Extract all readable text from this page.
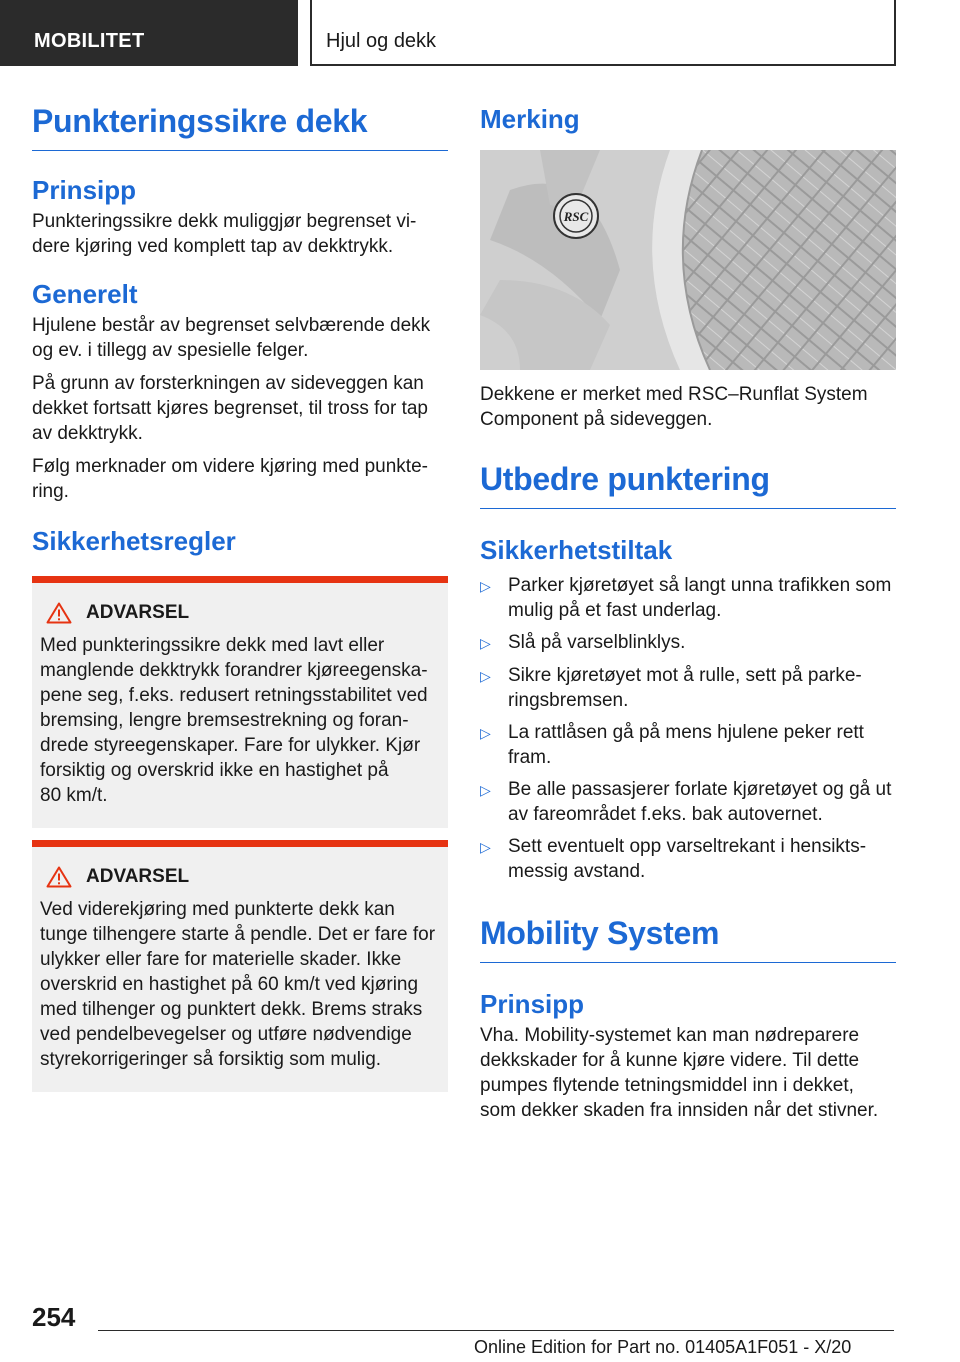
MOBILITET	Hjul og dekk
Punkteringssikre dekk
Prinsipp
Punkteringssikre dekk muliggjør begrenset vi-
dere kjøring ved komplett tap av dekktrykk.
Generelt
Hjulene består av begrenset selvbærende dekk
og ev. i tillegg av spesielle felger.
På grunn av forsterkningen av sideveggen kan
dekket fortsatt kjøres begrenset, til tross for tap
av dekktrykk.
Følg merknader om videre kjøring med punkte-
ring.
Sikkerhetsregler
ADVARSEL
Med punkteringssikre dekk med lavt eller
manglende dekktrykk forandrer kjøreegenska-
pene seg, f.eks. redusert retningsstabilitet ved
bremsing, lengre bremsestrekning og foran-
drede styreegenskaper. Fare for ulykker. Kjør
forsiktig og overskrid ikke en hastighet på
80 km/t.
ADVARSEL
Ved viderekjøring med punkterte dekk kan
tunge tilhengere starte å pendle. Det er fare for
ulykker eller fare for materielle skader. Ikke
overskrid en hastighet på 60 km/t ved kjøring
med tilhenger og punktert dekk. Brems straks
ved pendelbevegelser og utføre nødvendige
styrekorrigeringer så forsiktig som mulig.
Merking
RSC
Dekkene er merket med RSC–Runflat System
Component på sideveggen.
Utbedre punktering
Sikkerhetstiltak
▷ Parker kjøretøyet så langt unna trafikken som
mulig på et fast underlag.
▷ Slå på varselblinklys.
▷ Sikre kjøretøyet mot å rulle, sett på parke-
ringsbremsen.
▷ La rattlåsen gå på mens hjulene peker rett
fram.
▷ Be alle passasjerer forlate kjøretøyet og gå ut
av fareområdet f.eks. bak autovernet.
▷ Sett eventuelt opp varseltrekant i hensikts-
messig avstand.
Mobility System
Prinsipp
Vha. Mobility-systemet kan man nødreparere
dekkskader for å kunne kjøre videre. Til dette
pumpes flytende tetningsmiddel inn i dekket,
som dekker skaden fra innsiden når det stivner.
254
Online Edition for Part no. 01405A1F051 - X/20
